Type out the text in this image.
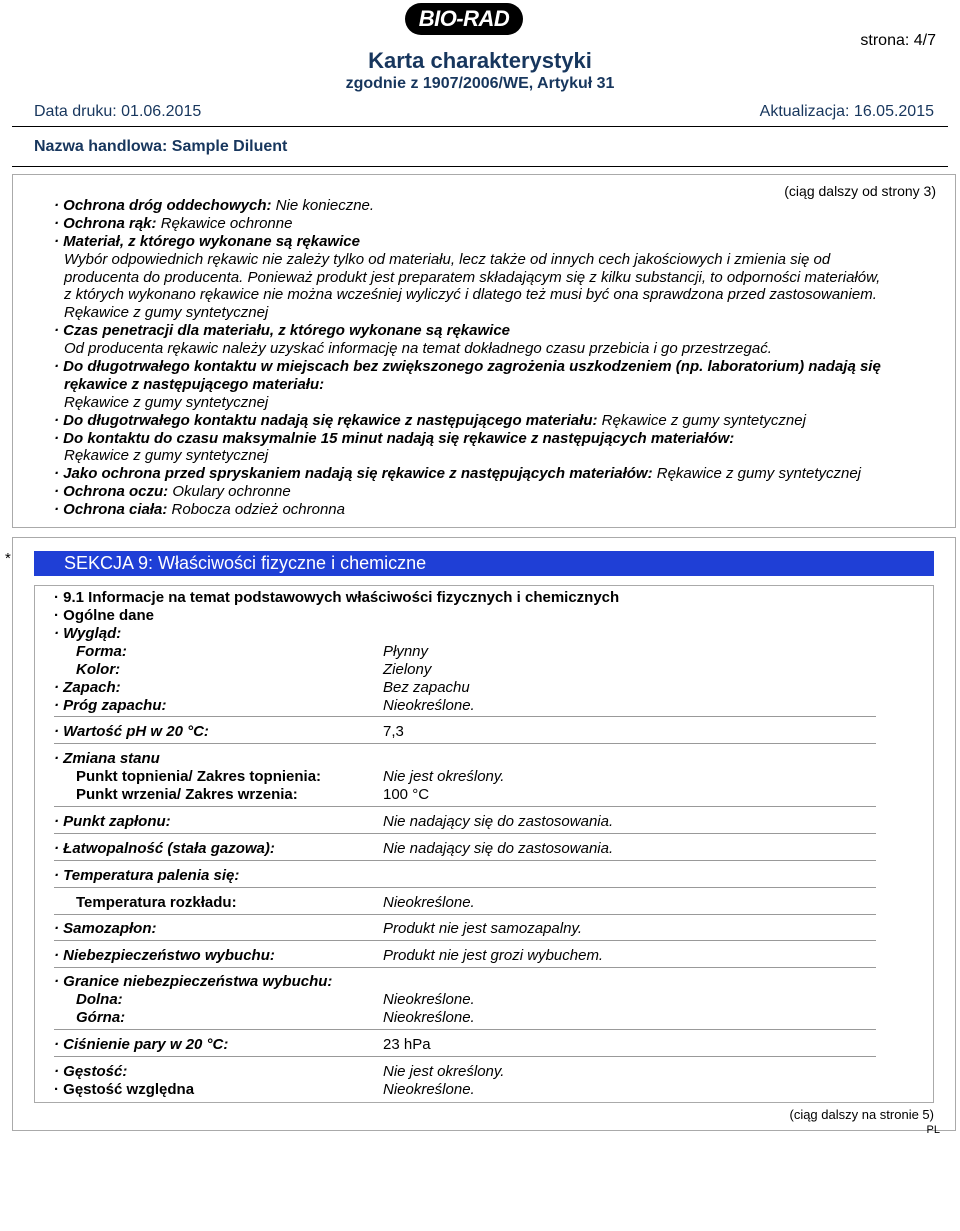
BIO-RAD
strona: 4/7
Karta charakterystyki
zgodnie z 1907/2006/WE, Artykuł 31
Data druku: 01.06.2015	Aktualizacja: 16.05.2015
Nazwa handlowa: Sample Diluent
(ciąg dalszy od strony 3)
· Ochrona dróg oddechowych: Nie konieczne.
· Ochrona rąk: Rękawice ochronne
· Materiał, z którego wykonane są rękawice
Wybór odpowiednich rękawic nie zależy tylko od materiału, lecz także od innych cech jakościowych i zmienia się od
producenta do producenta. Ponieważ produkt jest preparatem składającym się z kilku substancji, to odporności materiałów,
z których wykonano rękawice nie można wcześniej wyliczyć i dlatego też musi być ona sprawdzona przed zastosowaniem.
Rękawice z gumy syntetycznej
· Czas penetracji dla materiału, z którego wykonane są rękawice
Od producenta rękawic należy uzyskać informację na temat dokładnego czasu przebicia i go przestrzegać.
· Do długotrwałego kontaktu w miejscach bez zwiększonego zagrożenia uszkodzeniem (np. laboratorium) nadają się
rękawice z następującego materiału:
Rękawice z gumy syntetycznej
· Do długotrwałego kontaktu nadają się rękawice z następującego materiału: Rękawice z gumy syntetycznej
· Do kontaktu do czasu maksymalnie 15 minut nadają się rękawice z następujących materiałów:
Rękawice z gumy syntetycznej
· Jako ochrona przed spryskaniem nadają się rękawice z następujących materiałów: Rękawice z gumy syntetycznej
· Ochrona oczu: Okulary ochronne
· Ochrona ciała: Robocza odzież ochronna
*	SEKCJA 9: Właściwości fizyczne i chemiczne
· 9.1 Informacje na temat podstawowych właściwości fizycznych i chemicznych
· Ogólne dane
· Wygląd:
Forma:	Płynny
Kolor:	Zielony
· Zapach:	Bez zapachu
· Próg zapachu:	Nieokreślone.
· Wartość pH w 20 °C:	7,3
· Zmiana stanu
Punkt topnienia/ Zakres topnienia:	Nie jest określony.
Punkt wrzenia/ Zakres wrzenia:	100 °C
· Punkt zapłonu:	Nie nadający się do zastosowania.
· Łatwopalność (stała gazowa):	Nie nadający się do zastosowania.
· Temperatura palenia się:
Temperatura rozkładu:	Nieokreślone.
· Samozapłon:	Produkt nie jest samozapalny.
· Niebezpieczeństwo wybuchu:	Produkt nie jest grozi wybuchem.
· Granice niebezpieczeństwa wybuchu:
Dolna:	Nieokreślone.
Górna:	Nieokreślone.
· Ciśnienie pary w 20 °C:	23 hPa
· Gęstość:	Nie jest określony.
· Gęstość względna	Nieokreślone.
(ciąg dalszy na stronie 5)
PL
